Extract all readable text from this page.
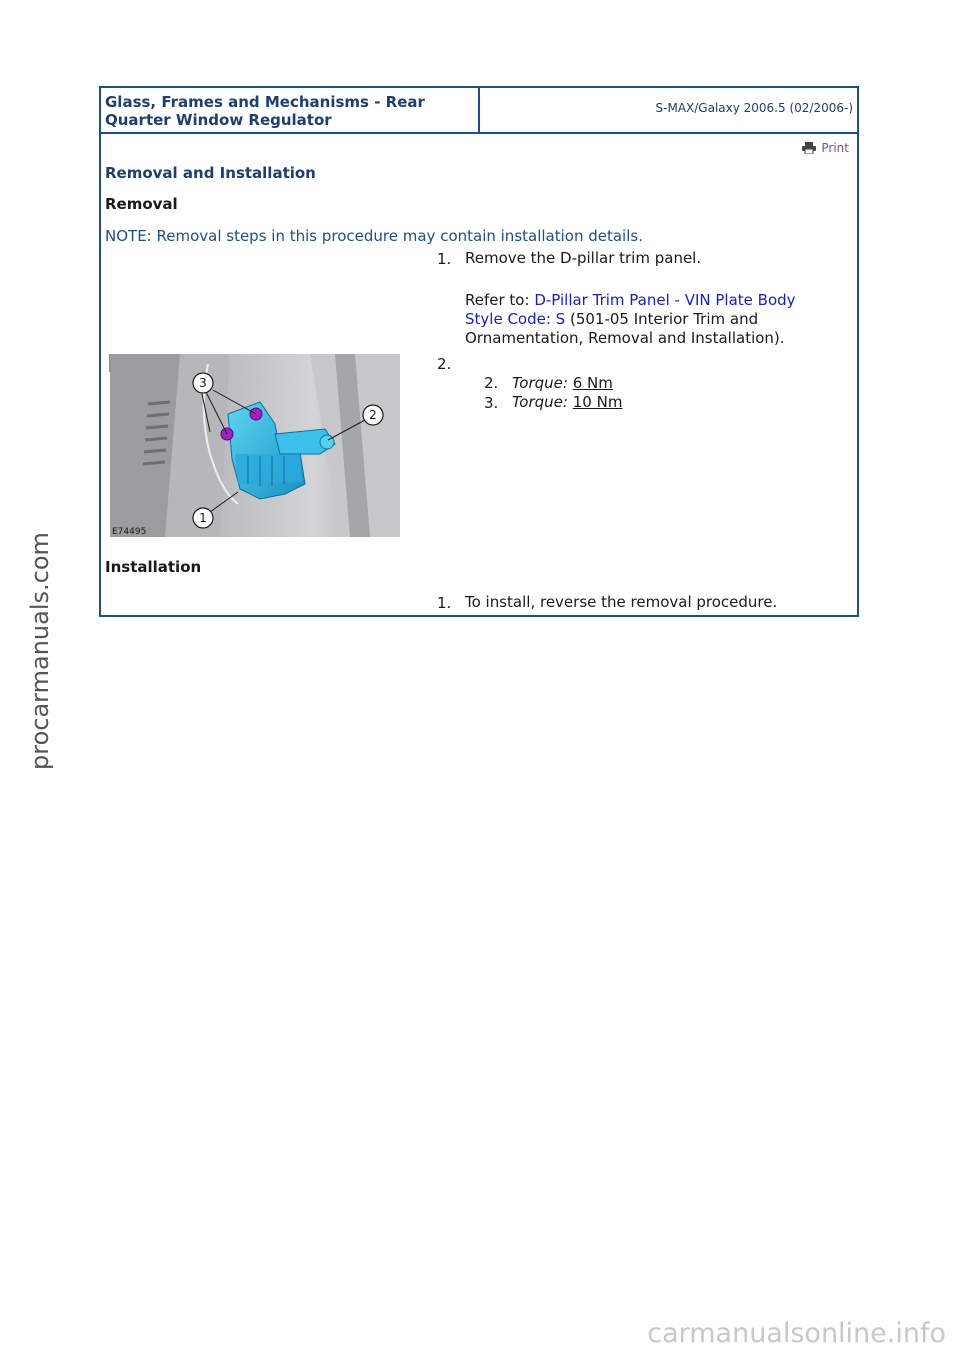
Glass, Frames and Mechanisms - Rear Quarter Window Regulator
S-MAX/Galaxy 2006.5 (02/2006-)
Print
Removal and Installation
Removal
NOTE: Removal steps in this procedure may contain installation details.
1. Remove the D-pillar trim panel.
Refer to: D-Pillar Trim Panel - VIN Plate Body Style Code: S (501-05 Interior Trim and Ornamentation, Removal and Installation).
2.
2. Torque: 6 Nm
3. Torque: 10 Nm
3
2
1
E74495
Installation
1. To install, reverse the removal procedure.
procarmanuals.com
carmanualsonline.info
